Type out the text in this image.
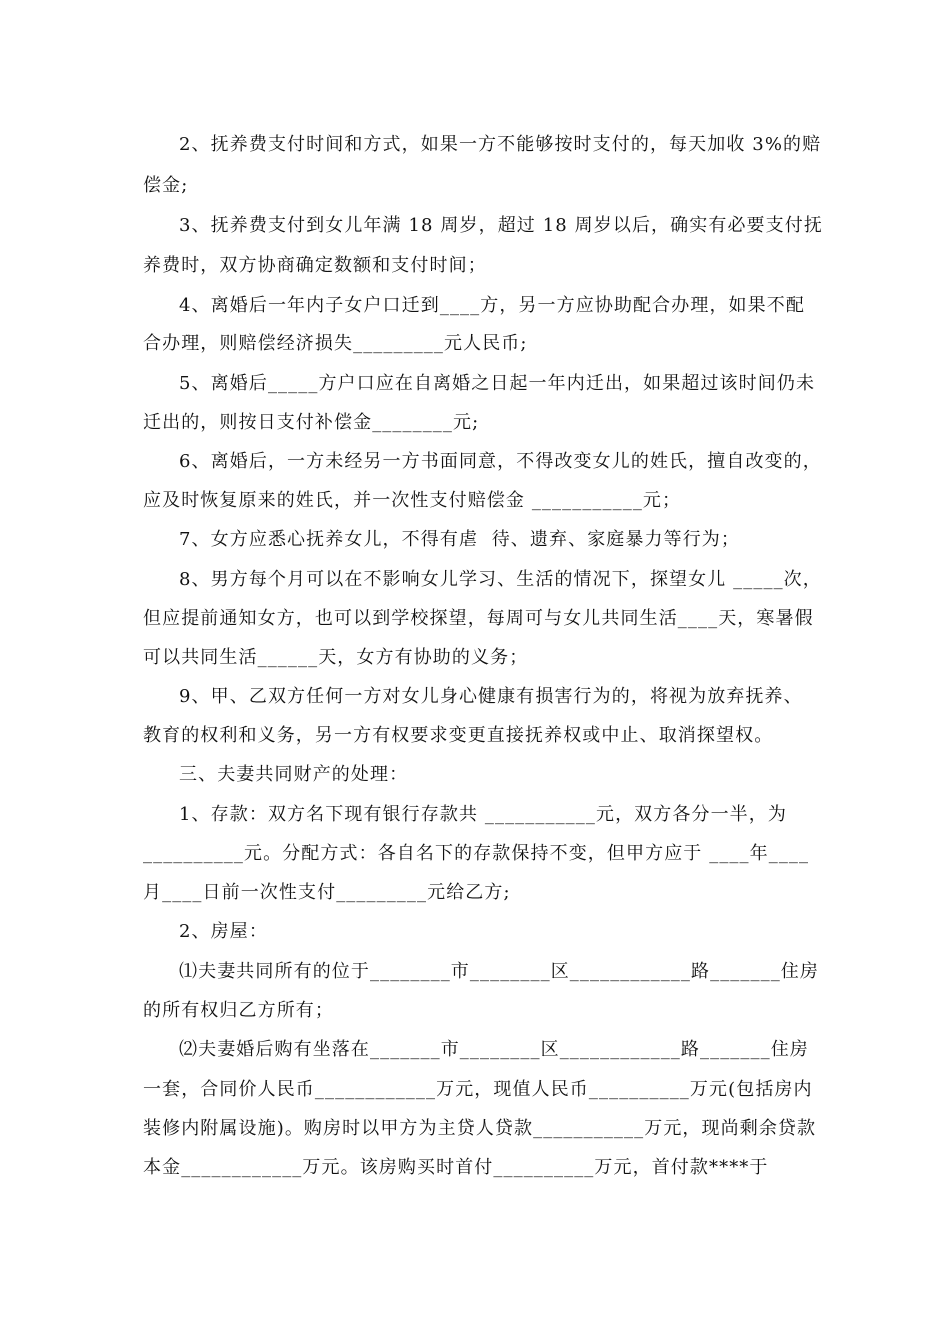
2、抚养费支付时间和方式，如果一方不能够按时支付的，每天加收 3%的赔
偿金;
3、抚养费支付到女儿年满 18 周岁，超过 18 周岁以后，确实有必要支付抚
养费时，双方协商确定数额和支付时间；
4、离婚后一年内子女户口迁到____方，另一方应协助配合办理，如果不配
合办理，则赔偿经济损失_________元人民币;
5、离婚后_____方户口应在自离婚之日起一年内迁出，如果超过该时间仍未
迁出的，则按日支付补偿金________元;
6、离婚后，一方未经另一方书面同意，不得改变女儿的姓氏，擅自改变的，
应及时恢复原来的姓氏，并一次性支付赔偿金 ___________元；
7、女方应悉心抚养女儿，不得有虐  待、遗弃、家庭暴力等行为；
8、男方每个月可以在不影响女儿学习、生活的情况下，探望女儿 _____次，
但应提前通知女方，也可以到学校探望，每周可与女儿共同生活____天，寒暑假
可以共同生活______天，女方有协助的义务；
9、甲、乙双方任何一方对女儿身心健康有损害行为的，将视为放弃抚养、
教育的权利和义务，另一方有权要求变更直接抚养权或中止、取消探望权。
三、夫妻共同财产的处理：
1、存款：双方名下现有银行存款共 ___________元，双方各分一半，为
__________元。分配方式：各自名下的存款保持不变，但甲方应于 ____年____
月____日前一次性支付_________元给乙方;
2、房屋：
⑴夫妻共同所有的位于________市________区____________路_______住房
的所有权归乙方所有；
⑵夫妻婚后购有坐落在_______市________区____________路_______住房
一套，合同价人民币____________万元，现值人民币__________万元(包括房内
装修内附属设施)。购房时以甲方为主贷人贷款___________万元，现尚剩余贷款
本金____________万元。该房购买时首付__________万元，首付款****于
